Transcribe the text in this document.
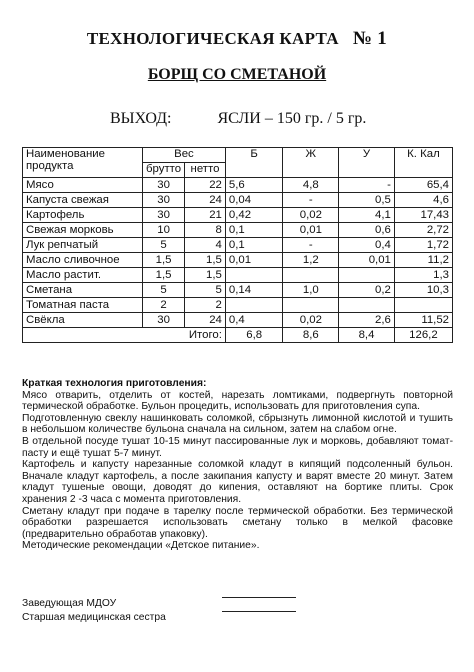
ТЕХНОЛОГИЧЕСКАЯ КАРТА № 1
БОРЩ СО СМЕТАНОЙ
ВЫХОД:	ЯСЛИ – 150 гр. / 5 гр.
Наименование продукта	Вес		Б	Ж	У	К. Кал
	брутто	нетто				
Мясо	30	22	5,6	4,8	-	65,4
Капуста свежая	30	24	0,04	-	0,5	4,6
Картофель	30	21	0,42	0,02	4,1	17,43
Свежая морковь	10	8	0,1	0,01	0,6	2,72
Лук репчатый	5	4	0,1	-	0,4	1,72
Масло сливочное	1,5	1,5	0,01	1,2	0,01	11,2
Масло растит.	1,5	1,5				1,3
Сметана	5	5	0,14	1,0	0,2	10,3
Томатная паста	2	2				
Свёкла	30	24	0,4	0,02	2,6	11,52
Итого:			6,8	8,6	8,4	126,2

Краткая технология приготовления:

Мясо отварить, отделить от костей, нарезать ломтиками, подвергнуть повторной термической обработке. Бульон процедить, использовать для приготовления супа.

Подготовленную свеклу нашинковать соломкой, сбрызнуть лимонной кислотой и тушить в небольшом количестве бульона сначала на сильном, затем на слабом огне.

В отдельной посуде тушат 10-15 минут пассированные лук и морковь, добавляют томат-пасту и ещё тушат 5-7 минут.

Картофель и капусту нарезанные соломкой кладут в кипящий подсоленный бульон. Вначале кладут картофель, а после закипания капусту и варят вместе 20 минут. Затем кладут тушеные овощи, доводят до кипения, оставляют на бортике плиты. Срок хранения 2 -3 часа с момента приготовления.

Сметану кладут при подаче в тарелку после термической обработки. Без термической обработки разрешается использовать сметану только в мелкой фасовке (предварительно обработав упаковку).

Методические рекомендации «Детское питание».

Заведующая МДОУ
Старшая медицинская сестра
